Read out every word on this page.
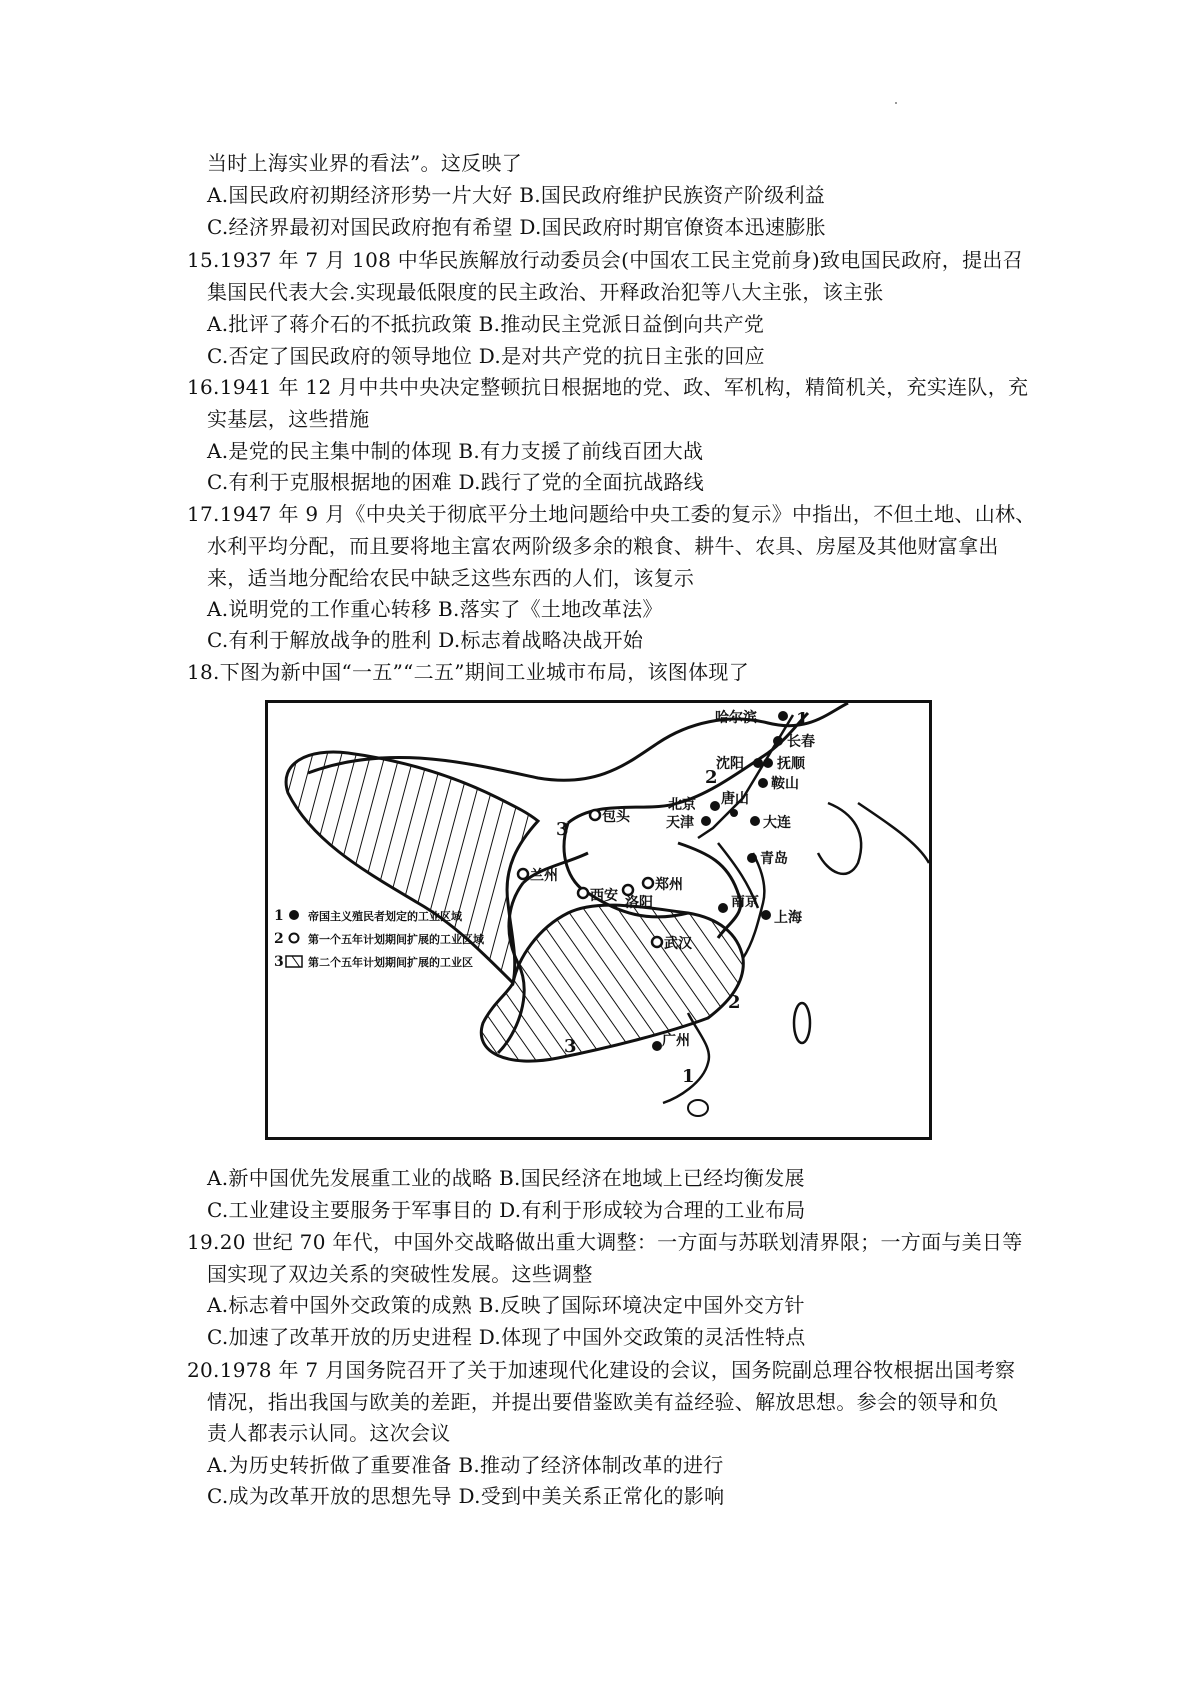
当时上海实业界的看法”。这反映了
A.国民政府初期经济形势一片大好 B.国民政府维护民族资产阶级利益
C.经济界最初对国民政府抱有希望 D.国民政府时期官僚资本迅速膨胀
15.1937 年 7 月 108 中华民族解放行动委员会(中国农工民主党前身)致电国民政府，提出召
集国民代表大会.实现最低限度的民主政治、开释政治犯等八大主张，该主张
A.批评了蒋介石的不抵抗政策 B.推动民主党派日益倒向共产党
C.否定了国民政府的领导地位 D.是对共产党的抗日主张的回应
16.1941 年 12 月中共中央决定整顿抗日根据地的党、政、军机构，精简机关，充实连队，充
实基层，这些措施
A.是党的民主集中制的体现 B.有力支援了前线百团大战
C.有利于克服根据地的困难 D.践行了党的全面抗战路线
17.1947 年 9 月《中央关于彻底平分土地问题给中央工委的复示》中指出，不但土地、山林、
水利平均分配，而且要将地主富农两阶级多余的粮食、耕牛、农具、房屋及其他财富拿出
来，适当地分配给农民中缺乏这些东西的人们，该复示
A.说明党的工作重心转移 B.落实了《土地改革法》
C.有利于解放战争的胜利 D.标志着战略决战开始
18.下图为新中国“一五”“二五”期间工业城市布局，该图体现了
哈尔滨 1
长春
抚顺
沈阳
鞍山
2
北京 唐山
天津	大连
包头
3
青岛
兰州
西安 洛阳
郑州
南京
上海
武汉
2
3	广州
1
1 帝国主义殖民者划定的工业区域
2 第一个五年计划期间扩展的工业区域
3 第二个五年计划期间扩展的工业区
A.新中国优先发展重工业的战略 B.国民经济在地域上已经均衡发展
C.工业建设主要服务于军事目的 D.有利于形成较为合理的工业布局
19.20 世纪 70 年代，中国外交战略做出重大调整：一方面与苏联划清界限；一方面与美日等
国实现了双边关系的突破性发展。这些调整
A.标志着中国外交政策的成熟 B.反映了国际环境决定中国外交方针
C.加速了改革开放的历史进程 D.体现了中国外交政策的灵活性特点
20.1978 年 7 月国务院召开了关于加速现代化建设的会议，国务院副总理谷牧根据出国考察
情况，指出我国与欧美的差距，并提出要借鉴欧美有益经验、解放思想。参会的领导和负
责人都表示认同。这次会议
A.为历史转折做了重要准备 B.推动了经济体制改革的进行
C.成为改革开放的思想先导 D.受到中美关系正常化的影响
